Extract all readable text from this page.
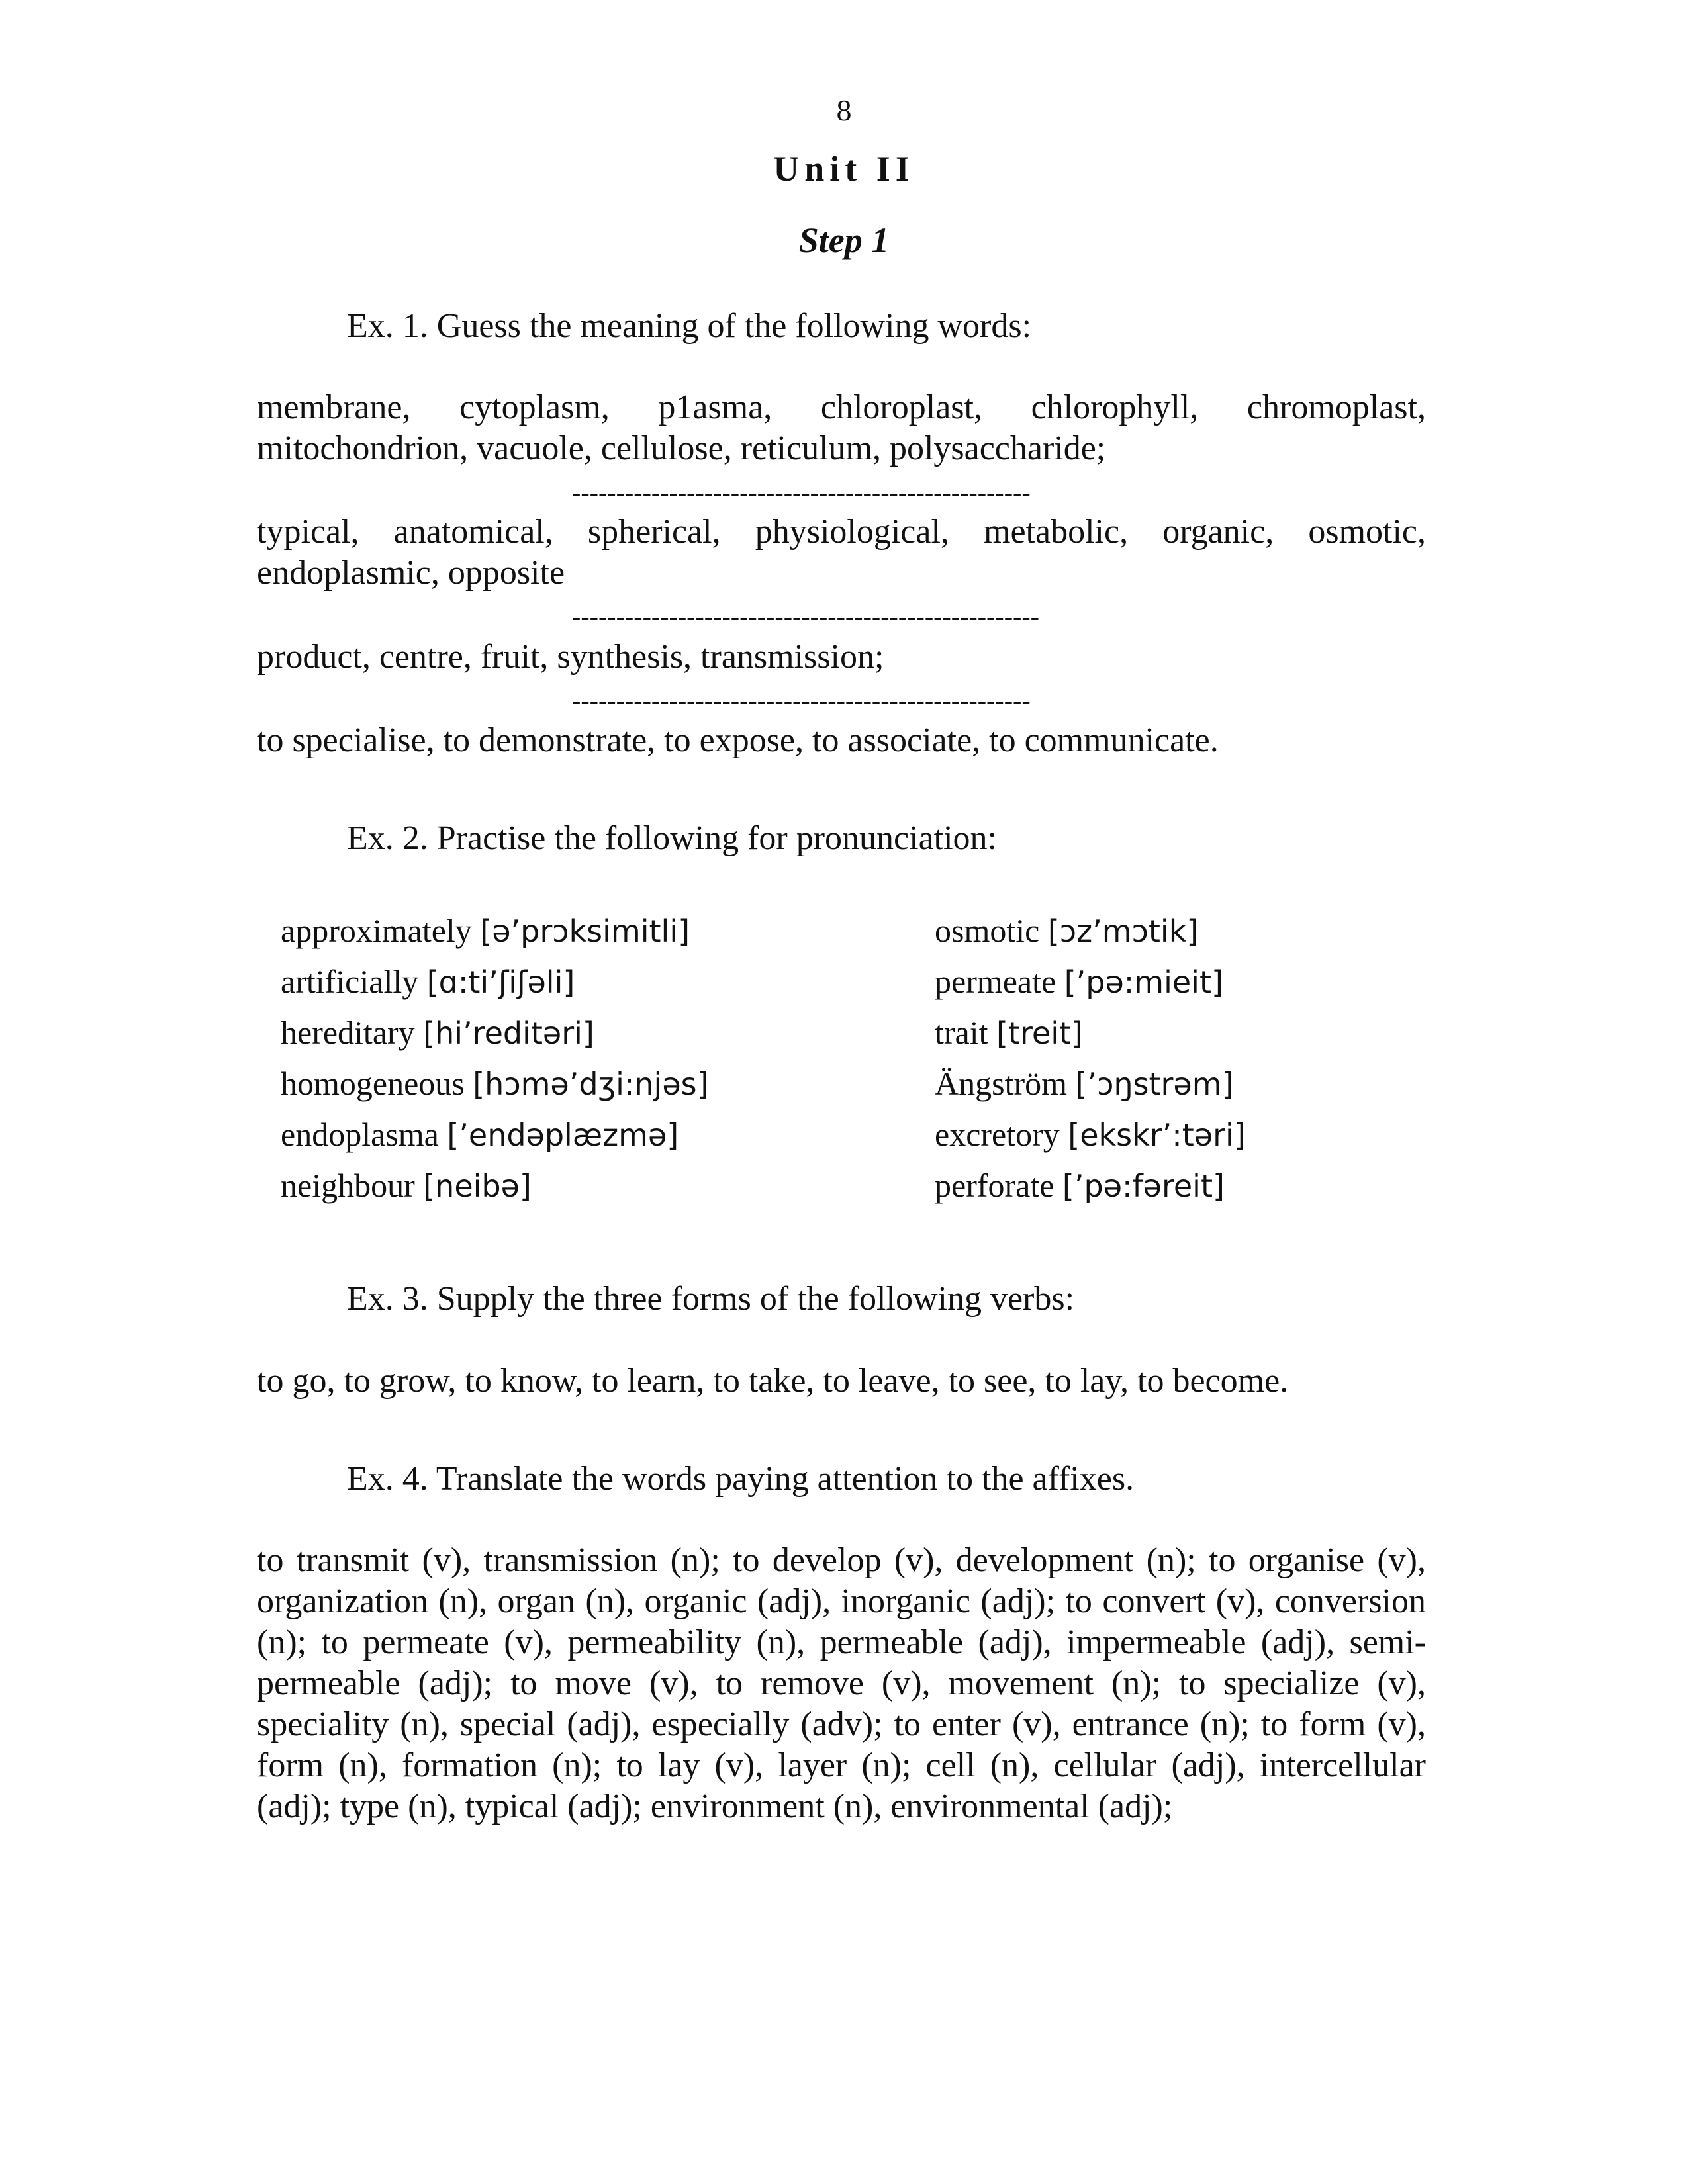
8
Unit II
Step 1
Ex. 1. Guess the meaning of the following words:
membrane, cytoplasm, p1asma, chloroplast, chlorophyll, chromoplast, mitochondrion, vacuole, cellulose, reticulum, polysaccharide;
----------------------------------------------------
typical, anatomical, spherical, physiological, metabolic, organic, osmotic, endoplasmic, opposite
-----------------------------------------------------
product, centre, fruit, synthesis, transmission;
----------------------------------------------------
to specialise, to demonstrate, to expose, to associate, to communicate.
Ex. 2. Practise the following for pronunciation:
approximately [ə’prɔksimitli]
artificially [ɑ:ti’ʃiʃəli]
hereditary [hi’reditəri]
homogeneous [hɔmə’dʒi:njəs]
endoplasma [’endəplæzmə]
neighbour [neibə]
osmotic [ɔz’mɔtik]
permeate [’pə:mieit]
trait [treit]
Ängström [’ɔŋstrəm]
excretory [ekskr’:təri]
perforate [’pə:fəreit]
Ex. 3. Supply the three forms of the following verbs:
to go, to grow, to know, to learn, to take, to leave, to see, to lay, to become.
Ex. 4. Translate the words paying attention to the affixes.
to transmit (v), transmission (n); to develop (v), development (n); to organise (v), organization (n), organ (n), organic (adj), inorganic (adj); to convert (v), conversion (n); to permeate (v), permeability (n), permeable (adj), impermeable (adj), semi-permeable (adj); to move (v), to remove (v), movement (n); to specialize (v), speciality (n), special (adj), especially (adv); to enter (v), entrance (n); to form (v), form (n), formation (n); to lay (v), layer (n); cell (n), cellular (adj), intercellular (adj); type (n), typical (adj); environment (n), environmental (adj);
